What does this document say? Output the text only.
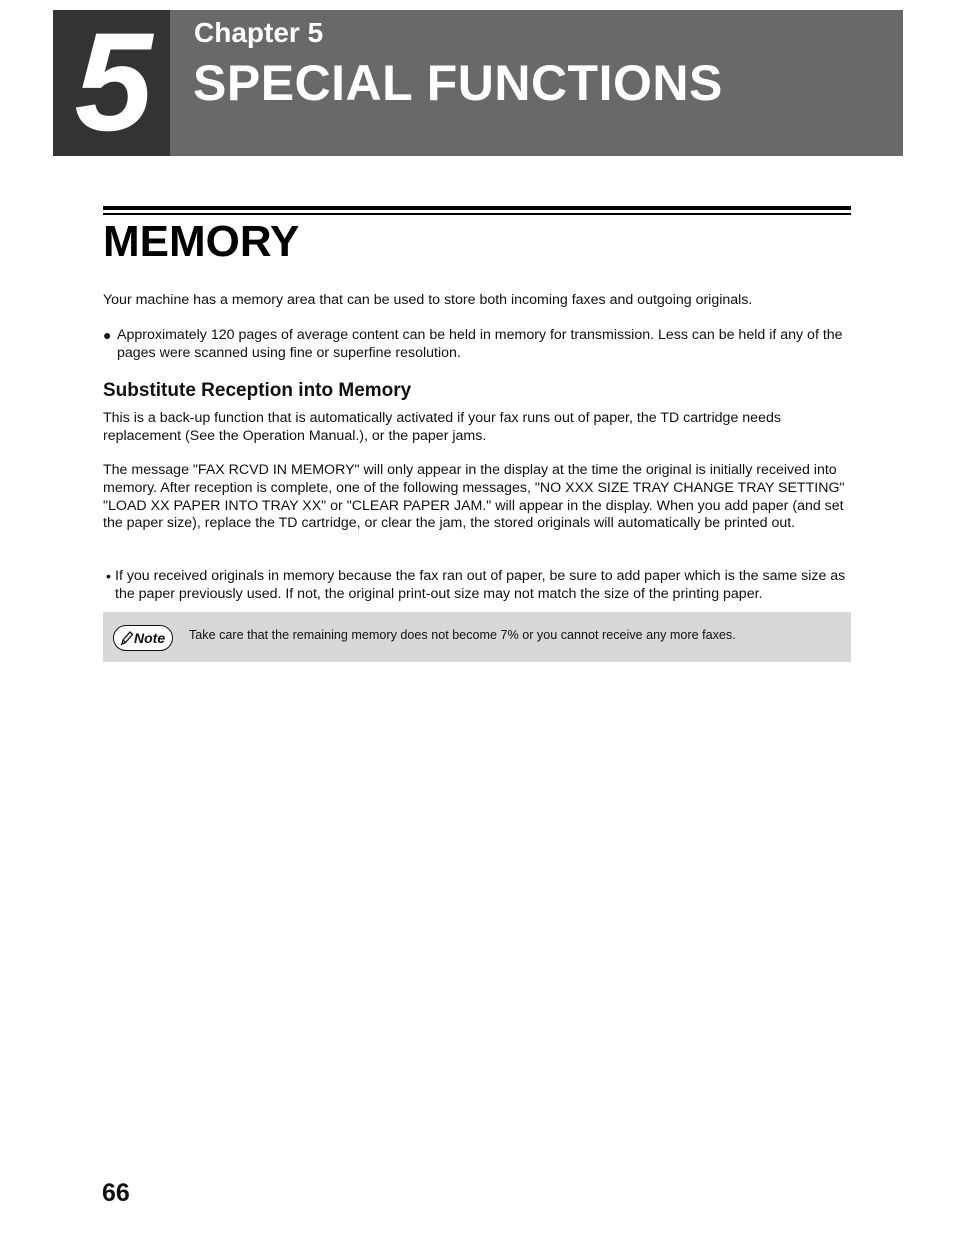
5	Chapter 5
SPECIAL FUNCTIONS
MEMORY

Your machine has a memory area that can be used to store both incoming faxes and outgoing originals.

● Approximately 120 pages of average content can be held in memory for transmission. Less can be held if any of the pages were scanned using fine or superfine resolution.
Substitute Reception into Memory

This is a back-up function that is automatically activated if your fax runs out of paper, the TD cartridge needs replacement (See the Operation Manual.), or the paper jams.

The message "FAX RCVD IN MEMORY" will only appear in the display at the time the original is initially received into memory. After reception is complete, one of the following messages, "NO XXX SIZE TRAY CHANGE TRAY SETTING" "LOAD XX PAPER INTO TRAY XX" or "CLEAR PAPER JAM." will appear in the display. When you add paper (and set the paper size), replace the TD cartridge, or clear the jam, the stored originals will automatically be printed out.

• If you received originals in memory because the fax ran out of paper, be sure to add paper which is the same size as the paper previously used. If not, the original print-out size may not match the size of the printing paper.
Note Take care that the remaining memory does not become 7% or you cannot receive any more faxes.
66
